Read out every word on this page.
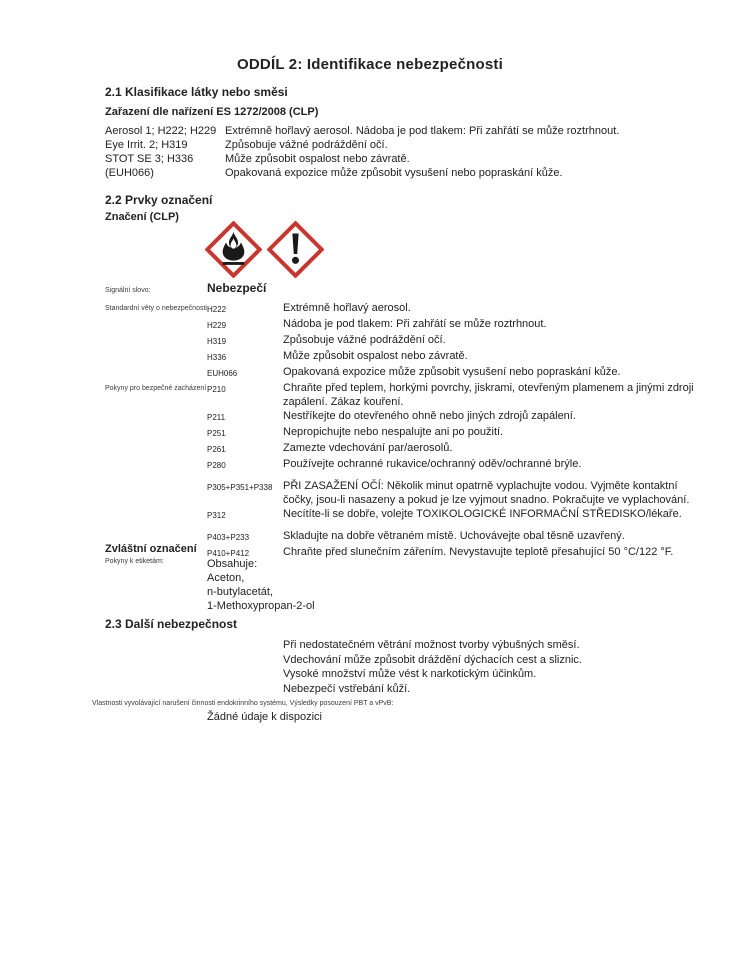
ODDÍL 2: Identifikace nebezpečnosti
2.1 Klasifikace látky nebo směsi
Zařazení dle nařízení ES 1272/2008 (CLP)
Aerosol 1; H222; H229 Extrémně hořlavý aerosol. Nádoba je pod tlakem: Při zahřátí se může roztrhnout.
Eye Irrit. 2; H319	Způsobuje vážné podráždění očí.
STOT SE 3; H336	Může způsobit ospalost nebo závratě.
(EUH066)	Opakovaná expozice může způsobit vysušení nebo popraskání kůže.
2.2 Prvky označení
Značení (CLP)
Signální slovo:	Nebezpečí
Standardní věty o nebezpečnosti H222	Extrémně hořlavý aerosol.
H229	Nádoba je pod tlakem: Při zahřátí se může roztrhnout.
H319	Způsobuje vážné podráždění očí.
H336	Může způsobit ospalost nebo závratě.
EUH066	Opakovaná expozice může způsobit vysušení nebo popraskání kůže.
Pokyny pro bezpečné zacházení P210	Chraňte před teplem, horkými povrchy, jiskrami, otevřeným plamenem a jinými zdroji zapálení. Zákaz kouření.
P211	Nestříkejte do otevřeného ohně nebo jiných zdrojů zapálení.
P251	Nepropichujte nebo nespalujte ani po použití.
P261	Zamezte vdechování par/aerosolů.
P280	Používejte ochranné rukavice/ochranný oděv/ochranné brýle.
P305+P351+P338 PŘI ZASAŽENÍ OČÍ: Několik minut opatrně vyplachujte vodou. Vyjměte kontaktní čočky, jsou-li nasazeny a pokud je lze vyjmout snadno. Pokračujte ve vyplachování.
P312	Necítíte-li se dobře, volejte TOXIKOLOGICKÉ INFORMAČNÍ STŘEDISKO/lékaře.
P403+P233	Skladujte na dobře větraném místě. Uchovávejte obal těsně uzavřený.
P410+P412	Chraňte před slunečním zářením. Nevystavujte teplotě přesahující 50 °C/122 °F.
Zvláštní označení
Pokyny k etiketám:	Obsahuje:
Aceton,
n-butylacetát,
1-Methoxypropan-2-ol
2.3 Další nebezpečnost
Při nedostatečném větrání možnost tvorby výbušných směsí.
Vdechování může způsobit dráždění dýchacích cest a sliznic.
Vysoké množství může vést k narkotickým účinkům.
Nebezpečí vstřebání kůží.
Vlastnosti vyvolávající narušení činnosti endokrinního systému, Výsledky posouzení PBT a vPvB:
Žádné údaje k dispozici
